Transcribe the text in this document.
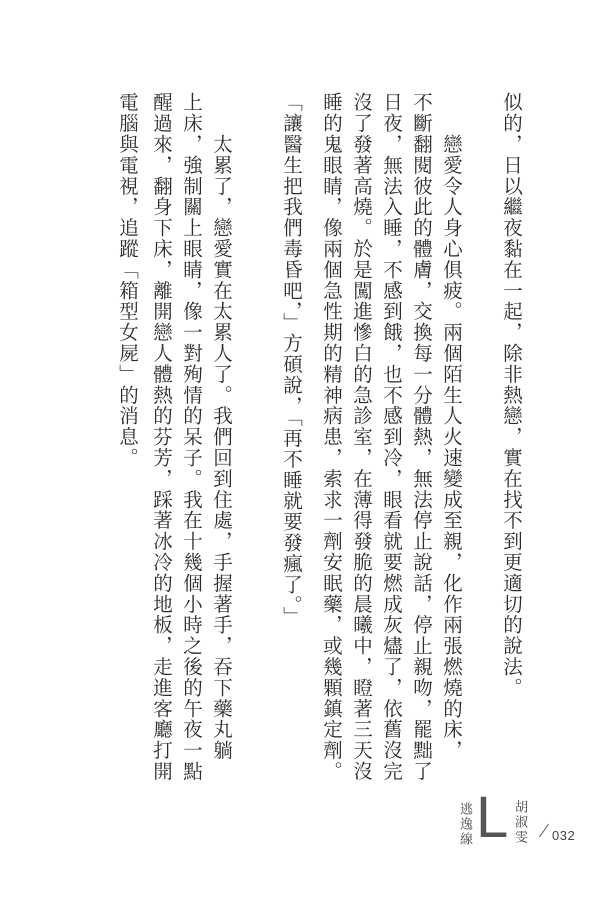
似的，日以繼夜黏在一起，除非熱戀，實在找不到更適切的說法。
　　戀愛令人身心俱疲。兩個陌生人火速變成至親，化作兩張燃燒的床，
不斷翻閱彼此的體膚，交換每一分體熱，無法停止說話，停止親吻，罷黜了
日夜，無法入睡，不感到餓，也不感到冷，眼看就要燃成灰燼了，依舊沒完
沒了發著高燒。於是闖進慘白的急診室，在薄得發脆的晨曦中，瞪著三天沒
睡的鬼眼睛，像兩個急性期的精神病患，索求一劑安眠藥，或幾顆鎮定劑。
「讓醫生把我們毒昏吧，」方碩說，「再不睡就要發瘋了。」
　　太累了，戀愛實在太累人了。我們回到住處，手握著手，吞下藥丸躺
上床，強制關上眼睛，像一對殉情的呆子。我在十幾個小時之後的午夜一點
醒過來，翻身下床，離開戀人體熱的芬芳，踩著冰冷的地板，走進客廳打開
電腦與電視，追蹤「箱型女屍」的消息。
逃逸線 L 胡淑雯 032
